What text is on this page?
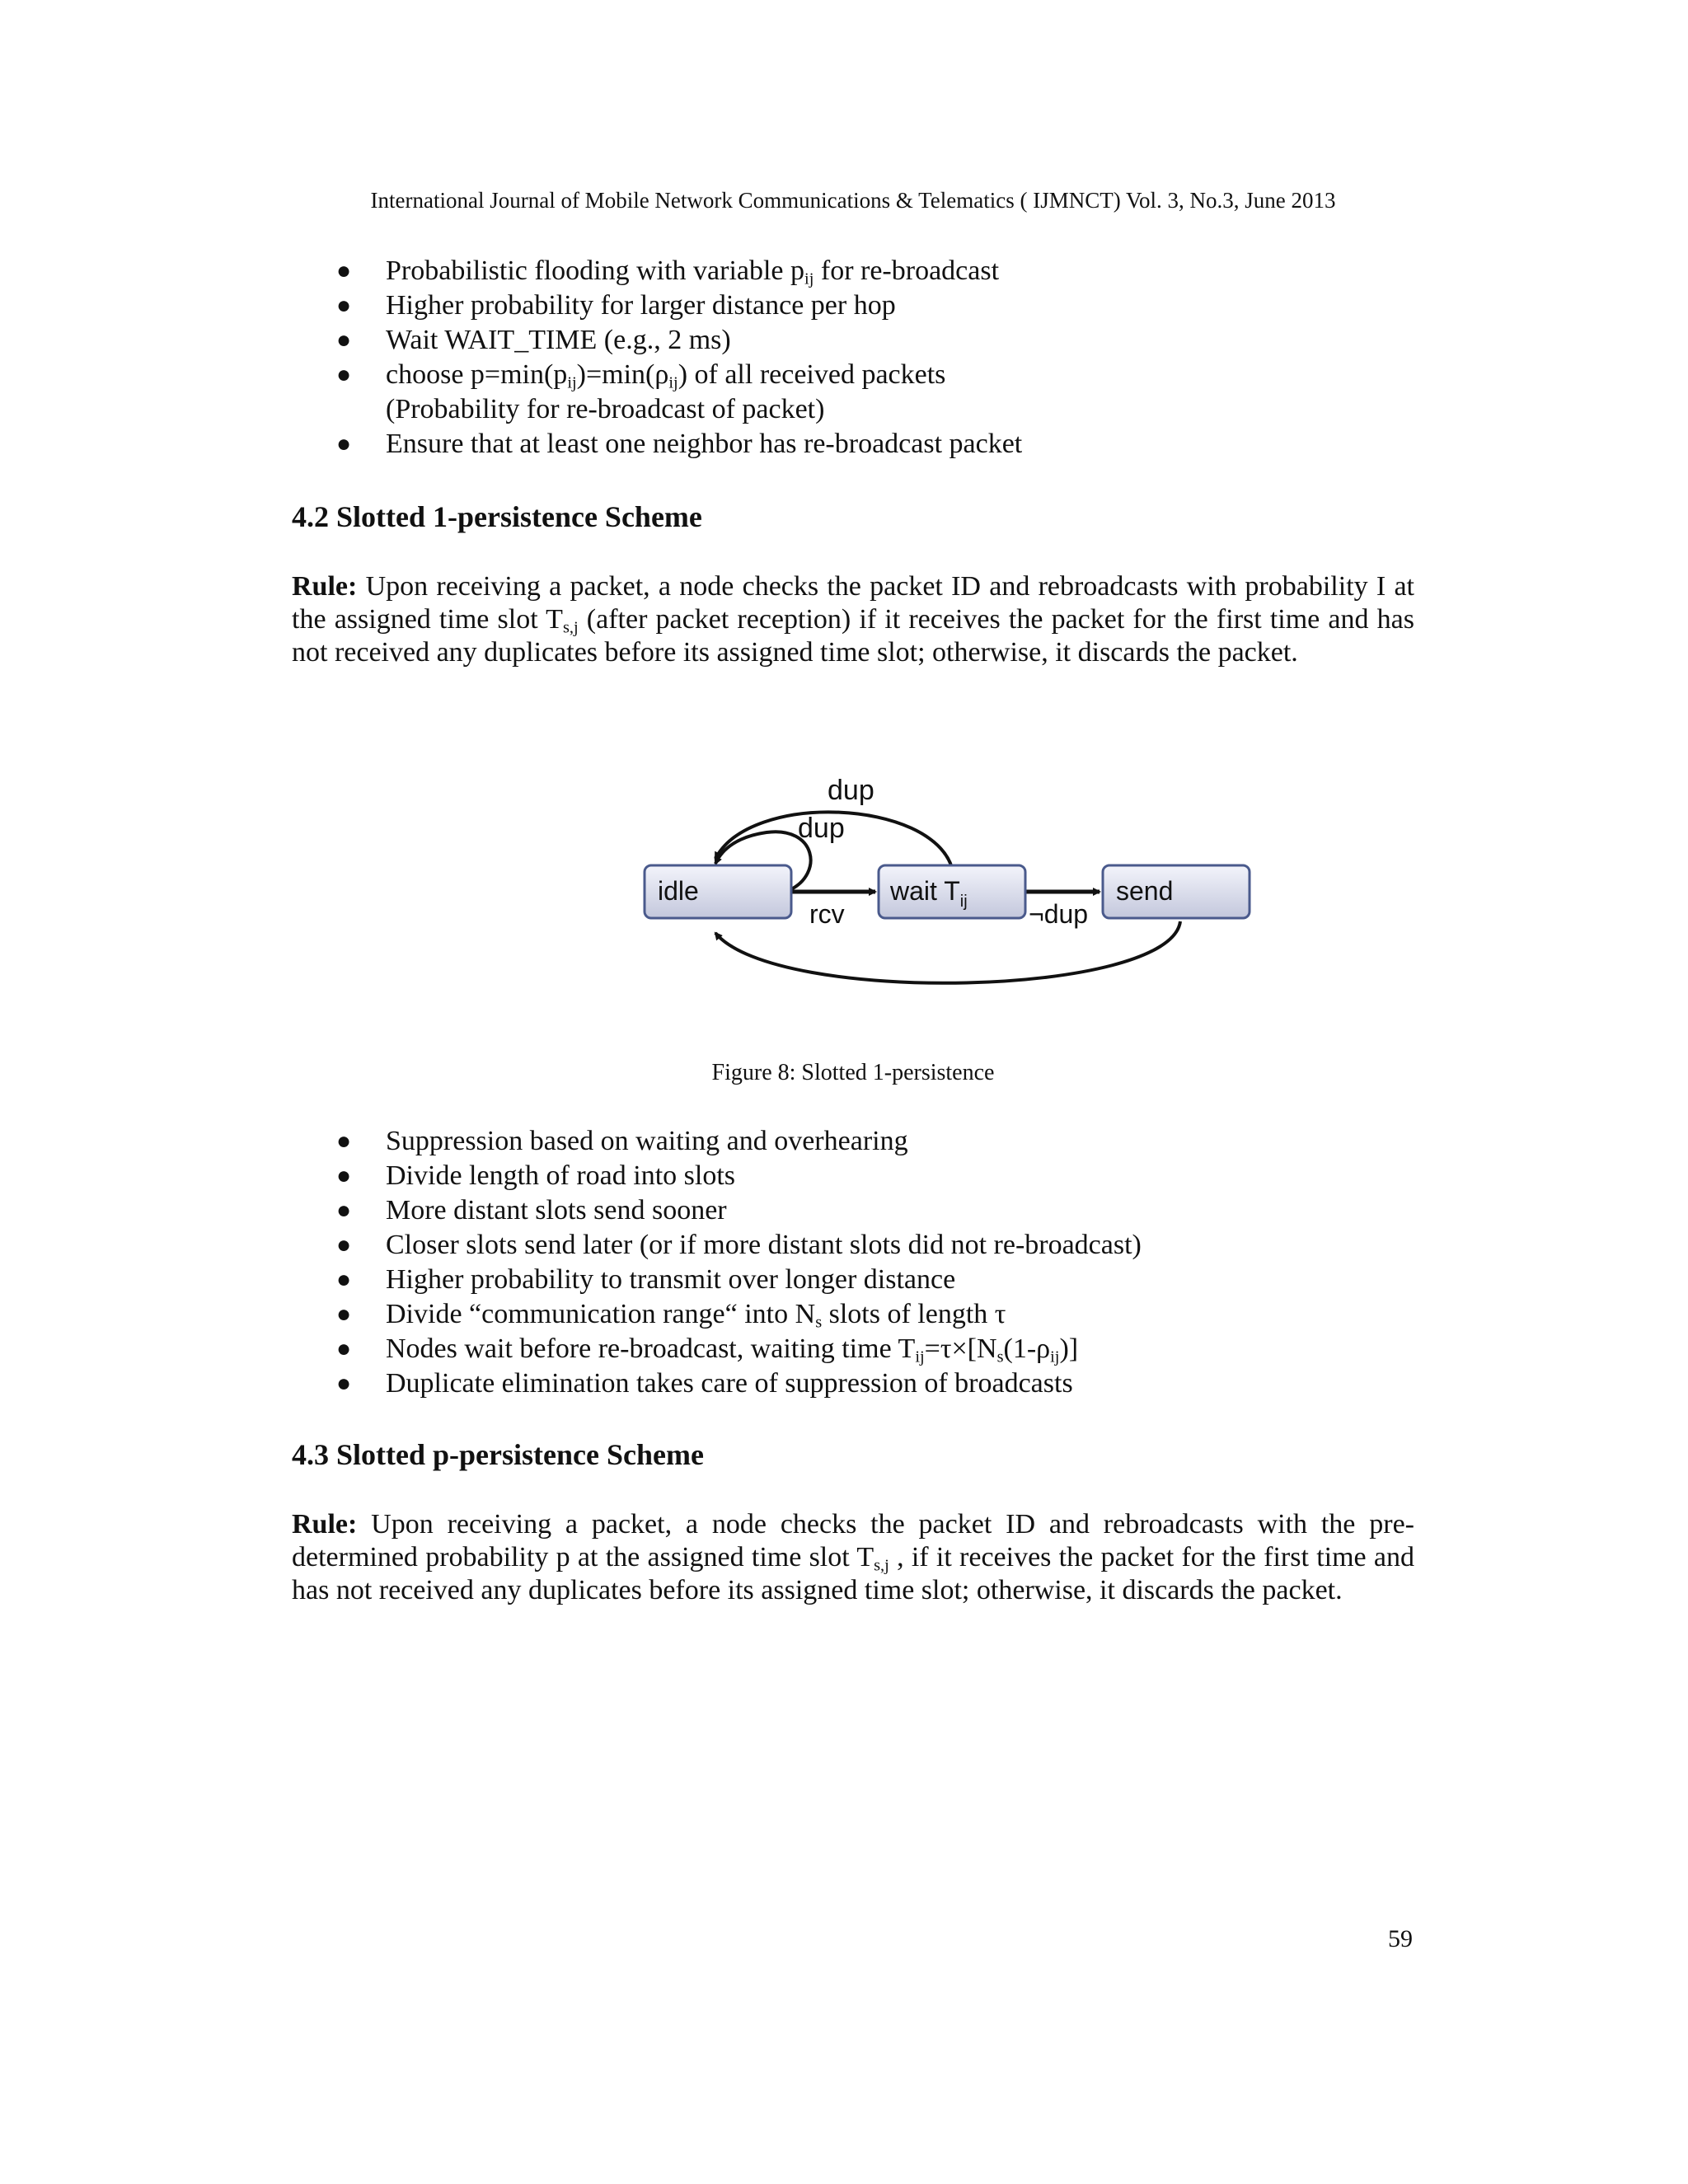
International Journal of Mobile Network Communications & Telematics ( IJMNCT) Vol. 3, No.3, June 2013
● Probabilistic flooding with variable $p_{ij}$ for re-broadcast
● Higher probability for larger distance per hop
● Wait WAIT_TIME (e.g., 2 ms)
● choose $p=\min(p_{ij})=\min(\rho_{ij})$ of all received packets
(Probability for re-broadcast of packet)
● Ensure that at least one neighbor has re-broadcast packet
4.2 Slotted 1-persistence Scheme

Rule: Upon receiving a packet, a node checks the packet ID and rebroadcasts with probability I at the assigned time slot $T_{s,j}$ (after packet reception) if it receives the packet for the first time and has not received any duplicates before its assigned time slot; otherwise, it discards the packet.

idle	wait $T_{ij}$	send
dup
dup
rcv	¬dup
Figure 8: Slotted 1-persistence
● Suppression based on waiting and overhearing
● Divide length of road into slots
● More distant slots send sooner
● Closer slots send later (or if more distant slots did not re-broadcast)
● Higher probability to transmit over longer distance
● Divide “communication range“ into $N_s$ slots of length τ
● Nodes wait before re-broadcast, waiting time $T_{ij}=\tau\times[N_s(1-\rho_{ij})]$
● Duplicate elimination takes care of suppression of broadcasts
4.3 Slotted p-persistence Scheme

Rule: Upon receiving a packet, a node checks the packet ID and rebroadcasts with the pre-determined probability p at the assigned time slot $T_{s,j}$ , if it receives the packet for the first time and has not received any duplicates before its assigned time slot; otherwise, it discards the packet.

59
